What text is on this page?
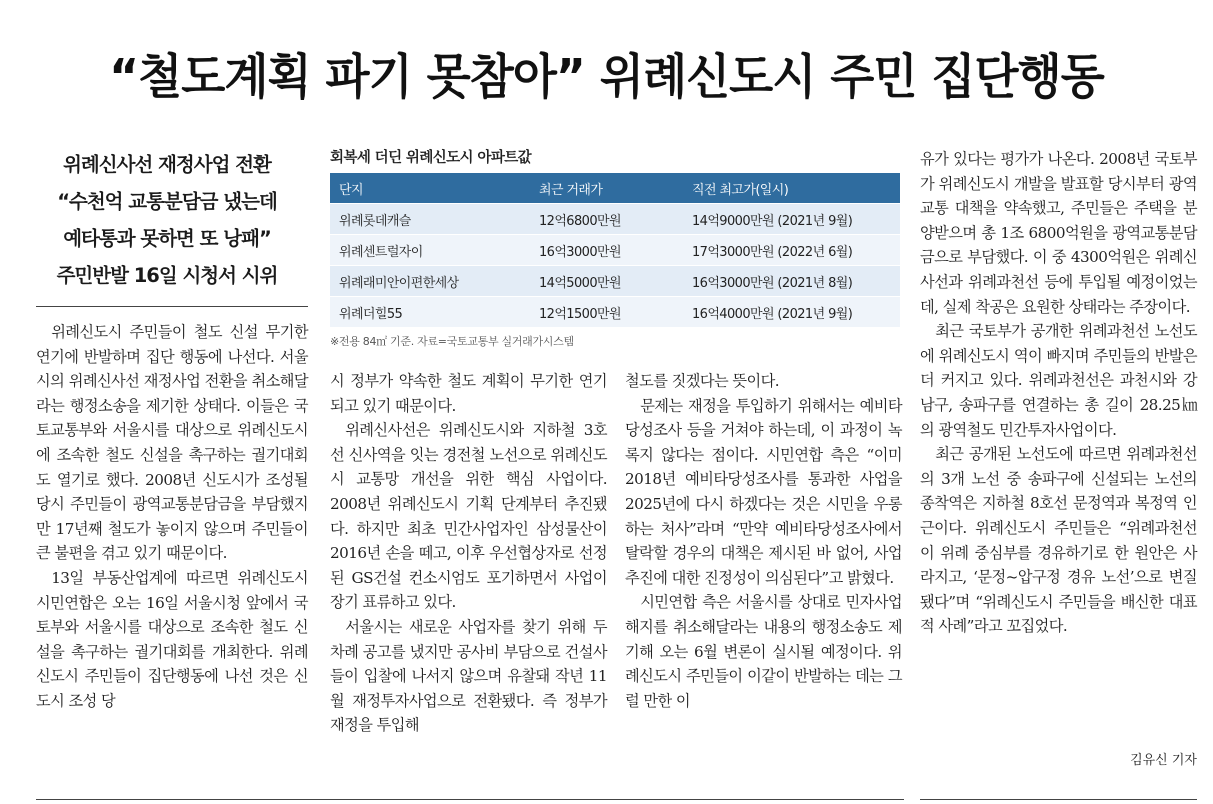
“철도계획 파기 못참아” 위례신도시 주민 집단행동
위례신사선 재정사업 전환
“수천억 교통분담금 냈는데
예타통과 못하면 또 낭패”
주민반발 16일 시청서 시위
회복세 더딘 위례신도시 아파트값
단지	최근 거래가	직전 최고가(일시)
위례롯데캐슬	12억6800만원	14억9000만원 (2021년 9월)
위례센트럴자이	16억3000만원	17억3000만원 (2022년 6월)
위례래미안이편한세상	14억5000만원	16억3000만원 (2021년 8월)
위례더힐55	12억1500만원	16억4000만원 (2021년 9월)
※전용 84㎡ 기준. 자료=국토교통부 실거래가시스템

위례신도시 주민들이 철도 신설 무기한 연기에 반발하며 집단 행동에 나선다. 서울시의 위례신사선 재정사업 전환을 취소해달라는 행정소송을 제기한 상태다. 이들은 국토교통부와 서울시를 대상으로 위례신도시에 조속한 철도 신설을 촉구하는 궐기대회도 열기로 했다. 2008년 신도시가 조성될 당시 주민들이 광역교통분담금을 부담했지만 17년째 철도가 놓이지 않으며 주민들이 큰 불편을 겪고 있기 때문이다.

13일 부동산업계에 따르면 위례신도시시민연합은 오는 16일 서울시청 앞에서 국토부와 서울시를 대상으로 조속한 철도 신설을 촉구하는 궐기대회를 개최한다. 위례신도시 주민들이 집단행동에 나선 것은 신도시 조성 당

시 정부가 약속한 철도 계획이 무기한 연기되고 있기 때문이다.

위례신사선은 위례신도시와 지하철 3호선 신사역을 잇는 경전철 노선으로 위례신도시 교통망 개선을 위한 핵심 사업이다. 2008년 위례신도시 기획 단계부터 추진됐다. 하지만 최초 민간사업자인 삼성물산이 2016년 손을 떼고, 이후 우선협상자로 선정된 GS건설 컨소시엄도 포기하면서 사업이 장기 표류하고 있다.

서울시는 새로운 사업자를 찾기 위해 두 차례 공고를 냈지만 공사비 부담으로 건설사들이 입찰에 나서지 않으며 유찰돼 작년 11월 재정투자사업으로 전환됐다. 즉 정부가 재정을 투입해

철도를 짓겠다는 뜻이다.

문제는 재정을 투입하기 위해서는 예비타당성조사 등을 거쳐야 하는데, 이 과정이 녹록지 않다는 점이다. 시민연합 측은 “이미 2018년 예비타당성조사를 통과한 사업을 2025년에 다시 하겠다는 것은 시민을 우롱하는 처사”라며 “만약 예비타당성조사에서 탈락할 경우의 대책은 제시된 바 없어, 사업 추진에 대한 진정성이 의심된다”고 밝혔다.

시민연합 측은 서울시를 상대로 민자사업 해지를 취소해달라는 내용의 행정소송도 제기해 오는 6월 변론이 실시될 예정이다. 위례신도시 주민들이 이같이 반발하는 데는 그럴 만한 이

유가 있다는 평가가 나온다. 2008년 국토부가 위례신도시 개발을 발표할 당시부터 광역교통 대책을 약속했고, 주민들은 주택을 분양받으며 총 1조 6800억원을 광역교통분담금으로 부담했다. 이 중 4300억원은 위례신사선과 위례과천선 등에 투입될 예정이었는데, 실제 착공은 요원한 상태라는 주장이다.

최근 국토부가 공개한 위례과천선 노선도에 위례신도시 역이 빠지며 주민들의 반발은 더 커지고 있다. 위례과천선은 과천시와 강남구, 송파구를 연결하는 총 길이 28.25㎞의 광역철도 민간투자사업이다.

최근 공개된 노선도에 따르면 위례과천선의 3개 노선 중 송파구에 신설되는 노선의 종착역은 지하철 8호선 문정역과 복정역 인근이다. 위례신도시 주민들은 “위례과천선이 위례 중심부를 경유하기로 한 원안은 사라지고, ‘문정~압구정 경유 노선’으로 변질됐다”며 “위례신도시 주민들을 배신한 대표적 사례”라고 꼬집었다.

김유신 기자
